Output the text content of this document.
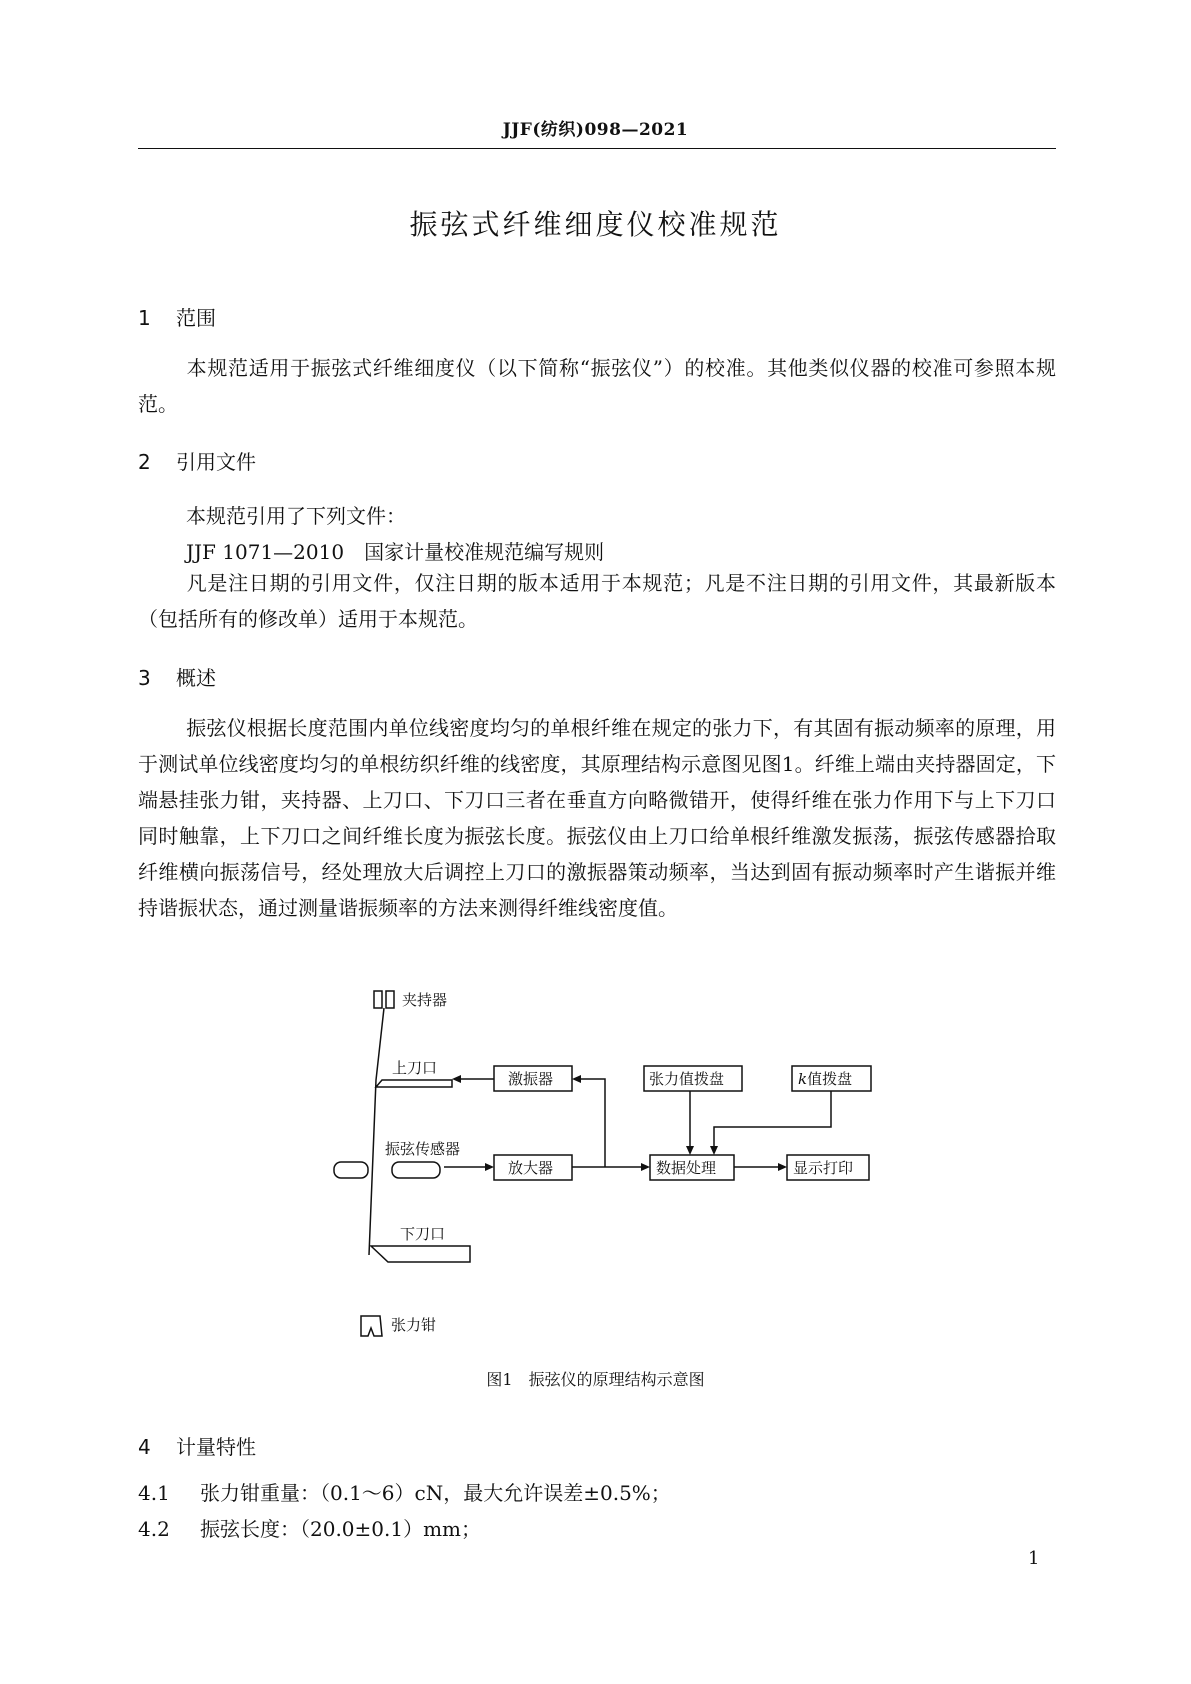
JJF(纺织)098—2021
振弦式纤维细度仪校准规范
1 范围
本规范适用于振弦式纤维细度仪（以下简称“振弦仪”）的校准。其他类似仪器的校准可参照本规范。
2 引用文件
本规范引用了下列文件：
JJF 1071—2010　国家计量校准规范编写规则
凡是注日期的引用文件，仅注日期的版本适用于本规范；凡是不注日期的引用文件，其最新版本（包括所有的修改单）适用于本规范。
3 概述
振弦仪根据长度范围内单位线密度均匀的单根纤维在规定的张力下，有其固有振动频率的原理，用于测试单位线密度均匀的单根纺织纤维的线密度，其原理结构示意图见图1。纤维上端由夹持器固定，下端悬挂张力钳，夹持器、上刀口、下刀口三者在垂直方向略微错开，使得纤维在张力作用下与上下刀口同时触靠，上下刀口之间纤维长度为振弦长度。振弦仪由上刀口给单根纤维激发振荡，振弦传感器拾取纤维横向振荡信号，经处理放大后调控上刀口的激振器策动频率，当达到固有振动频率时产生谐振并维持谐振状态，通过测量谐振频率的方法来测得纤维线密度值。
夹持器
上刀口
激振器	张力值拨盘	k值拨盘
振弦传感器
放大器	数据处理	显示打印
下刀口
张力钳
图1　振弦仪的原理结构示意图
4 计量特性
4.1 张力钳重量：（0.1～6）cN，最大允许误差±0.5%；
4.2 振弦长度：（20.0±0.1）mm；
1
